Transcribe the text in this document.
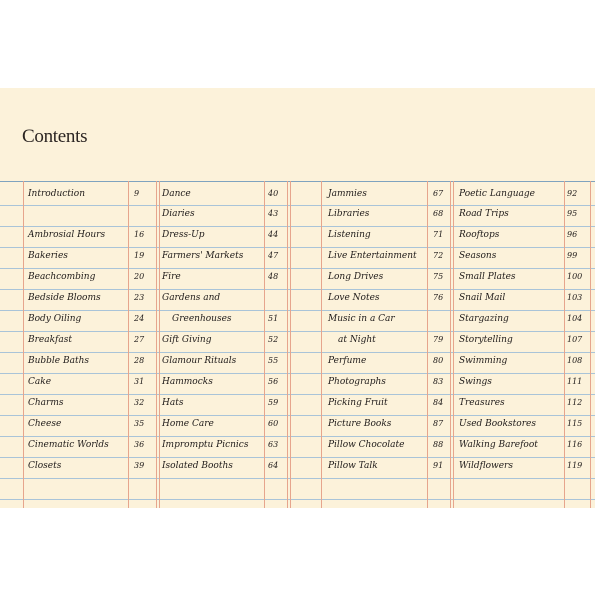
Contents
Introduction	9
Ambrosial Hours	16
Bakeries	19
Beachcombing	20
Bedside Blooms	23
Body Oiling	24
Breakfast	27
Bubble Baths	28
Cake	31
Charms	32
Cheese	35
Cinematic Worlds	36
Closets	39
Dance	40
Diaries	43
Dress-Up	44
Farmers' Markets	47
Fire	48
Gardens and
Greenhouses	51
Gift Giving	52
Glamour Rituals	55
Hammocks	56
Hats	59
Home Care	60
Impromptu Picnics 63
Isolated Booths	64
Jammies	67
Libraries	68
Listening	71
Live Entertainment 72
Long Drives	75
Love Notes	76
Music in a Car
at Night	79
Perfume	80
Photographs	83
Picking Fruit	84
Picture Books	87
Pillow Chocolate	88
Pillow Talk	91
Poetic Language	92
Road Trips	95
Rooftops	96
Seasons	99
Small Plates	100
Snail Mail	103
Stargazing	104
Storytelling	107
Swimming	108
Swings	111
Treasures	112
Used Bookstores	115
Walking Barefoot	116
Wildflowers	119
